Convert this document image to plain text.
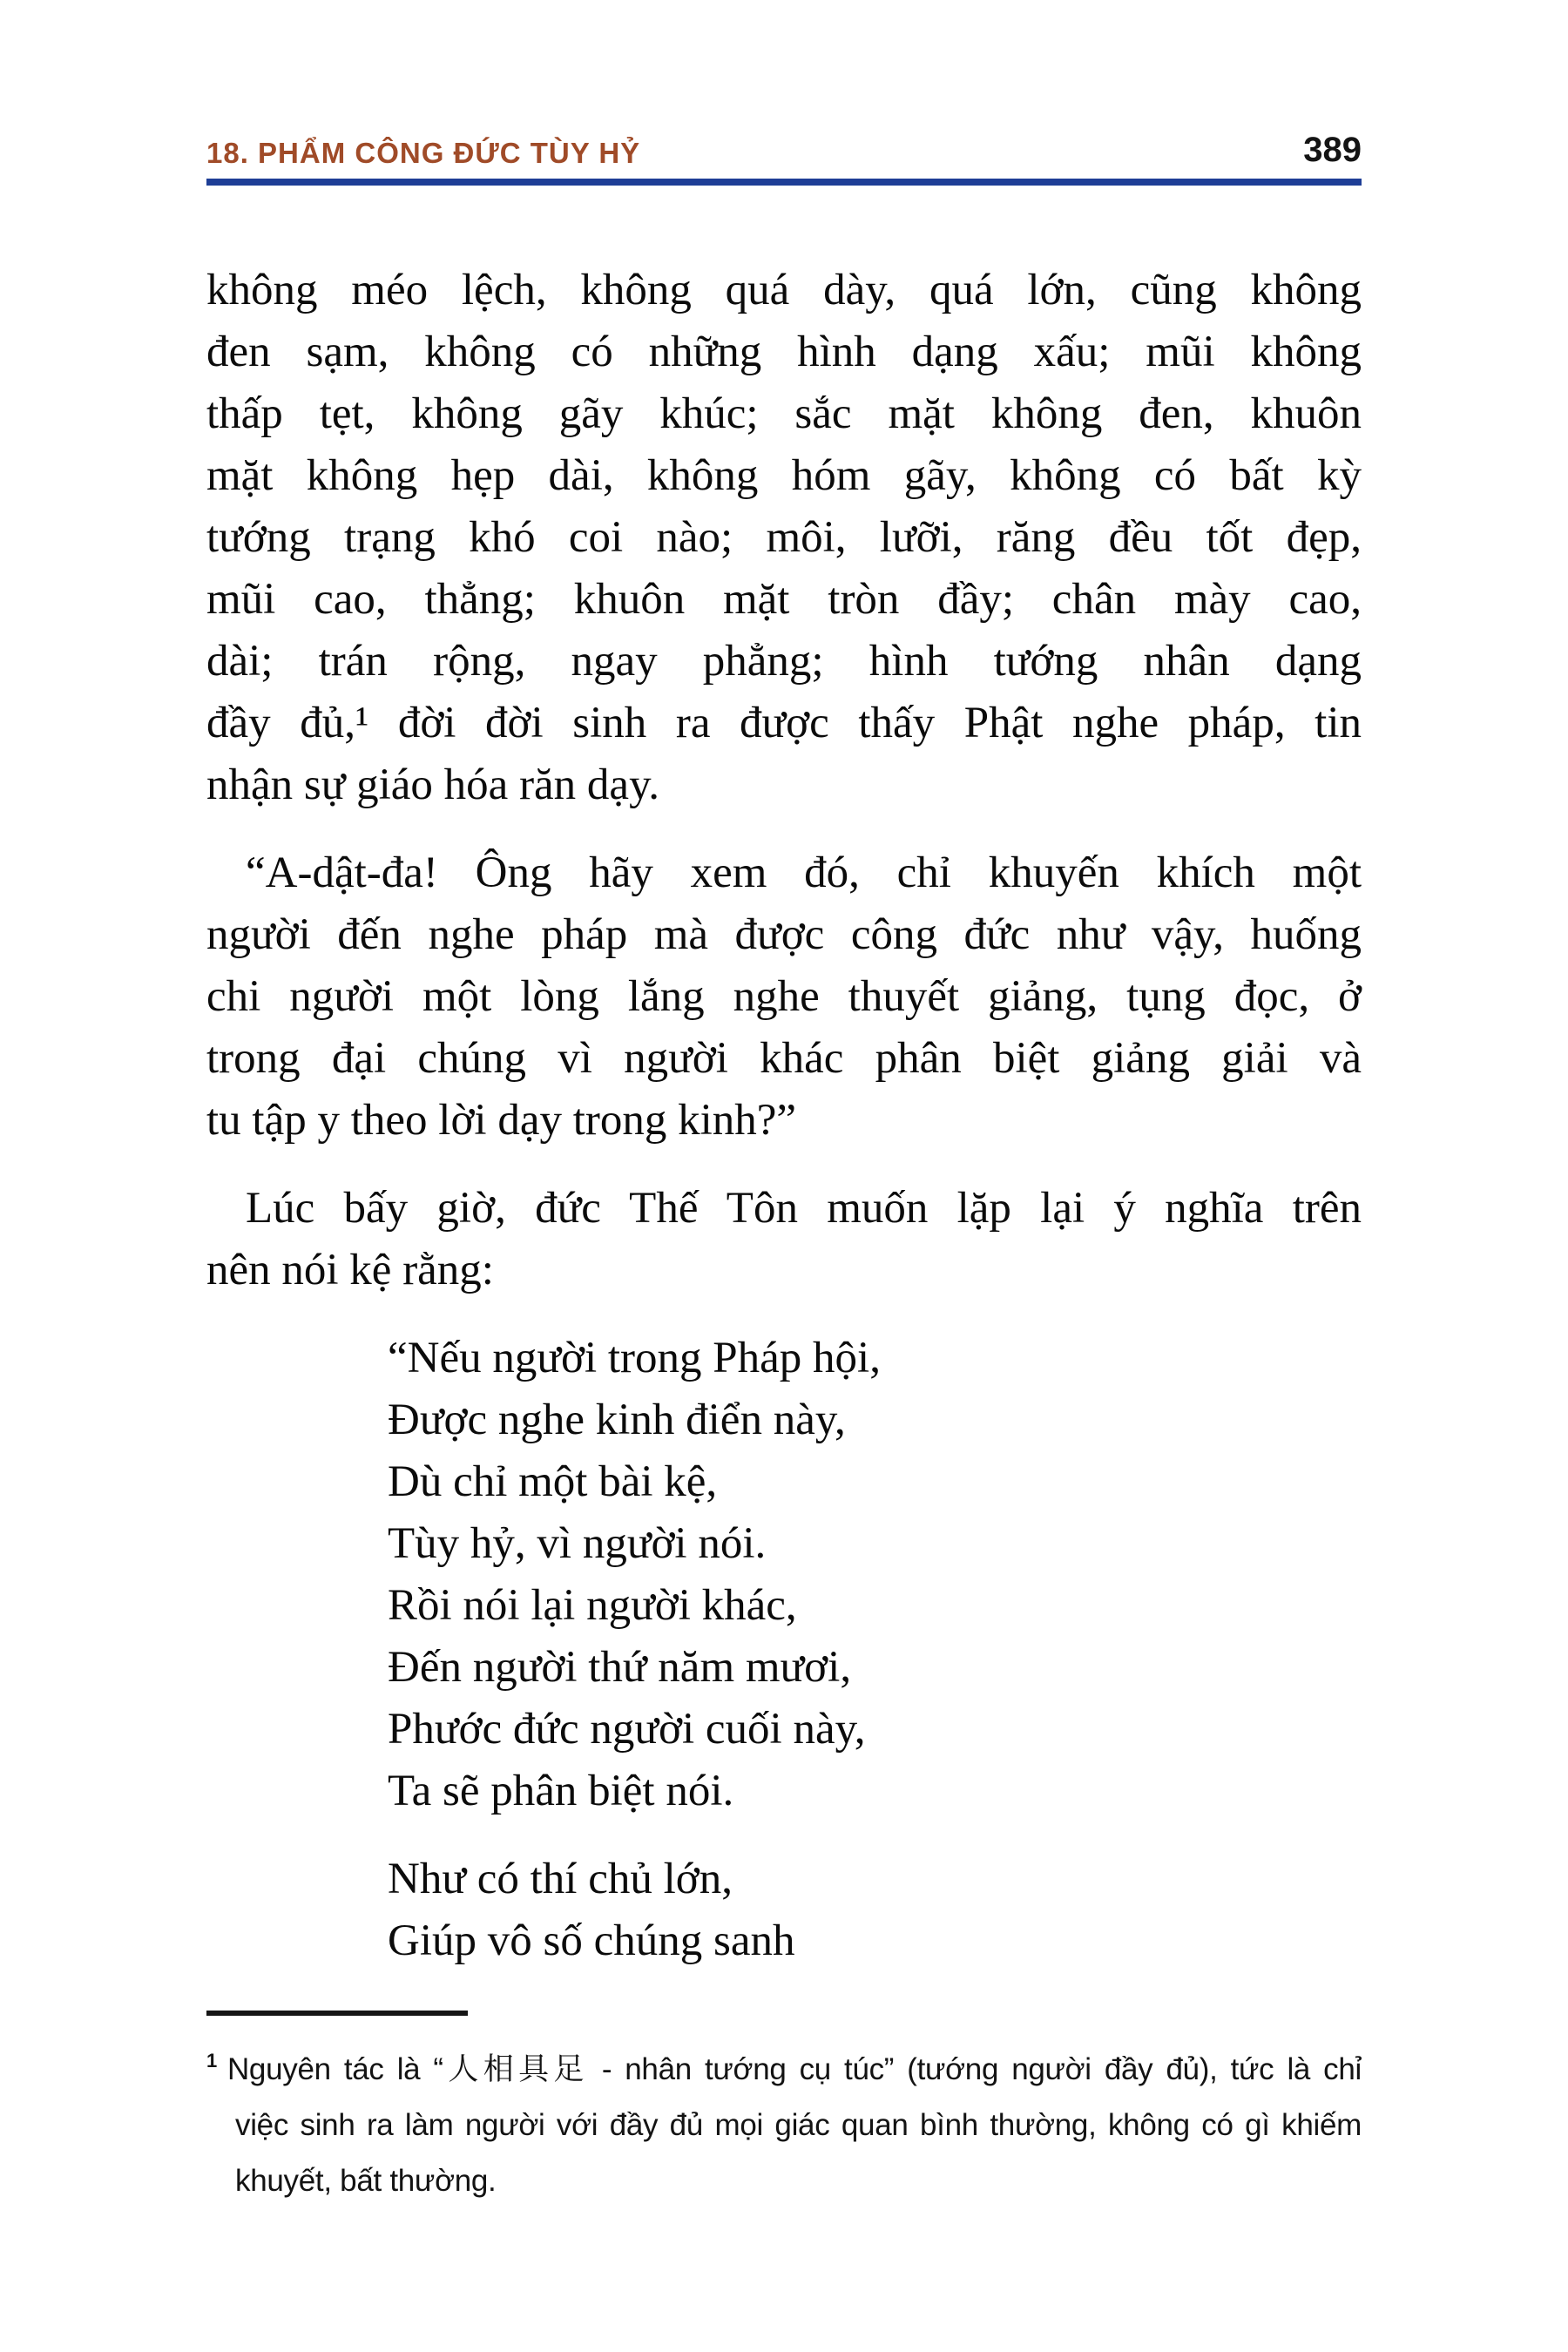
18. PHẨM CÔNG ĐỨC TÙY HỶ	389
không méo lệch, không quá dày, quá lớn, cũng không
đen sạm, không có những hình dạng xấu; mũi không
thấp tẹt, không gãy khúc; sắc mặt không đen, khuôn
mặt không hẹp dài, không hóm gãy, không có bất kỳ
tướng trạng khó coi nào; môi, lưỡi, răng đều tốt đẹp,
mũi cao, thẳng; khuôn mặt tròn đầy; chân mày cao,
dài; trán rộng, ngay phẳng; hình tướng nhân dạng
đầy đủ,¹ đời đời sinh ra được thấy Phật nghe pháp, tin
nhận sự giáo hóa răn dạy.
“A-dật-đa! Ông hãy xem đó, chỉ khuyến khích một
người đến nghe pháp mà được công đức như vậy, huống
chi người một lòng lắng nghe thuyết giảng, tụng đọc, ở
trong đại chúng vì người khác phân biệt giảng giải và
tu tập y theo lời dạy trong kinh?”
Lúc bấy giờ, đức Thế Tôn muốn lặp lại ý nghĩa trên
nên nói kệ rằng:
“Nếu người trong Pháp hội,
Được nghe kinh điển này,
Dù chỉ một bài kệ,
Tùy hỷ, vì người nói.
Rồi nói lại người khác,
Đến người thứ năm mươi,
Phước đức người cuối này,
Ta sẽ phân biệt nói.
Như có thí chủ lớn,
Giúp vô số chúng sanh
$^1$ Nguyên tác là “人相具足 - nhân tướng cụ túc” (tướng người đầy đủ), tức là chỉ
việc sinh ra làm người với đầy đủ mọi giác quan bình thường, không có gì khiếm
khuyết, bất thường.
